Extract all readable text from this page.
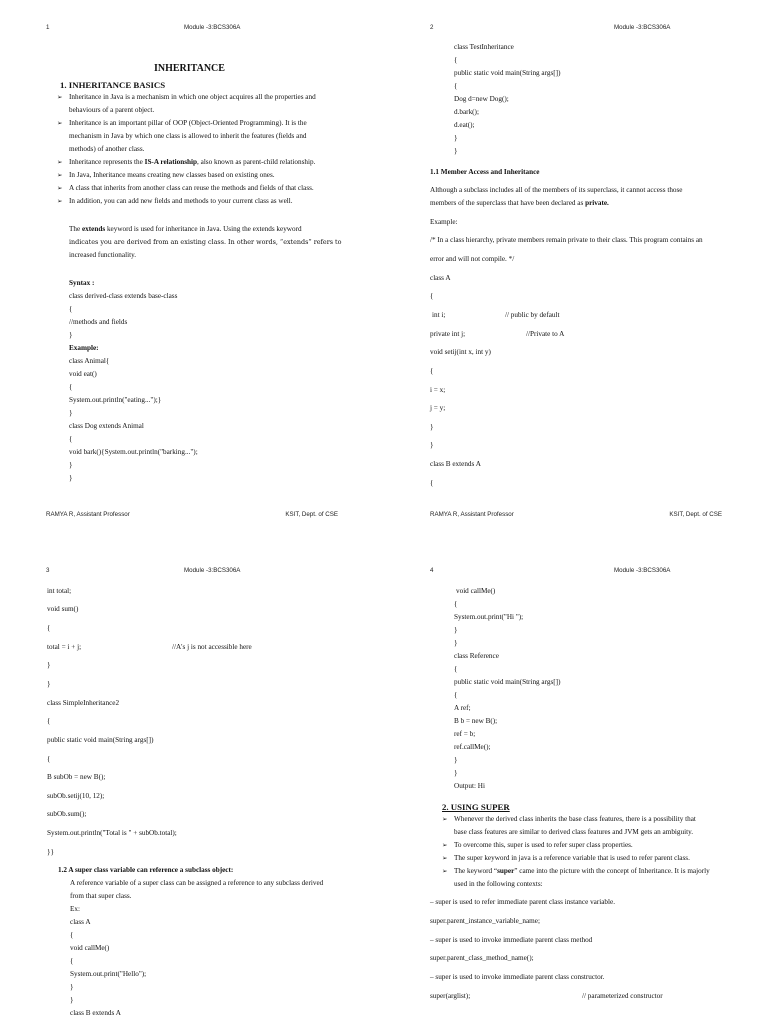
1	Module -3:BCS306A
INHERITANCE
1. INHERITANCE BASICS
➢ Inheritance in Java is a mechanism in which one object acquires all the properties and
behaviours of a parent object.
➢ Inheritance is an important pillar of OOP (Object-Oriented Programming). It is the
mechanism in Java by which one class is allowed to inherit the features (fields and
methods) of another class.
➢ Inheritance represents the IS-A relationship, also known as parent-child relationship.
➢ In Java, Inheritance means creating new classes based on existing ones.
➢ A class that inherits from another class can reuse the methods and fields of that class.
➢ In addition, you can add new fields and methods to your current class as well.
The extends keyword is used for inheritance in Java. Using the extends keyword
indicates you are derived from an existing class. In other words, “extends” refers to
increased functionality.
Syntax :
class derived-class extends base-class
{
//methods and fields
}
Example:
class Animal{
void eat()
{
System.out.println("eating...");}
}
class Dog extends Animal
{
void bark(){System.out.println("barking...");
}
}
RAMYA R, Assistant Professor	KSIT, Dept. of CSE
2	Module -3:BCS306A
class TestInheritance
{
public static void main(String args[])
{
Dog d=new Dog();
d.bark();
d.eat();
}
}
1.1 Member Access and Inheritance
Although a subclass includes all of the members of its superclass, it cannot access those
members of the superclass that have been declared as private.
Example:
/* In a class hierarchy, private members remain private to their class. This program contains an
error and will not compile. */
class A
{
int i;	// public by default
private int j;	//Private to A
void setij(int x, int y)
{
i = x;
j = y;
}
}
class B extends A
{
RAMYA R, Assistant Professor	KSIT, Dept. of CSE
3	Module -3:BCS306A
int total;
void sum()
{
total = i + j;	//A's j is not accessible here
}
}
class SimpleInheritance2
{
public static void main(String args[])
{
B subOb = new B();
subOb.setij(10, 12);
subOb.sum();
System.out.println("Total is " + subOb.total);
}}
1.2 A super class variable can reference a subclass object:
A reference variable of a super class can be assigned a reference to any subclass derived
from that super class.
Ex:
class A
{
void callMe()
{
System.out.print("Hello");
}
}
class B extends A
4	Module -3:BCS306A
void callMe()
{
System.out.print("Hi ");
}
}
class Reference
{
public static void main(String args[])
{
A ref;
B b = new B();
ref = b;
ref.callMe();
}
}
Output: Hi
2. USING SUPER
➢ Whenever the derived class inherits the base class features, there is a possibility that
base class features are similar to derived class features and JVM gets an ambiguity.
➢ To overcome this, super is used to refer super class properties.
➢ The super keyword in java is a reference variable that is used to refer parent class.
➢ The keyword “super” came into the picture with the concept of Inheritance. It is majorly
used in the following contexts:
– super is used to refer immediate parent class instance variable.
super.parent_instance_variable_name;
– super is used to invoke immediate parent class method
super.parent_class_method_name();
– super is used to invoke immediate parent class constructor.
super(arglist);	// parameterized constructor
